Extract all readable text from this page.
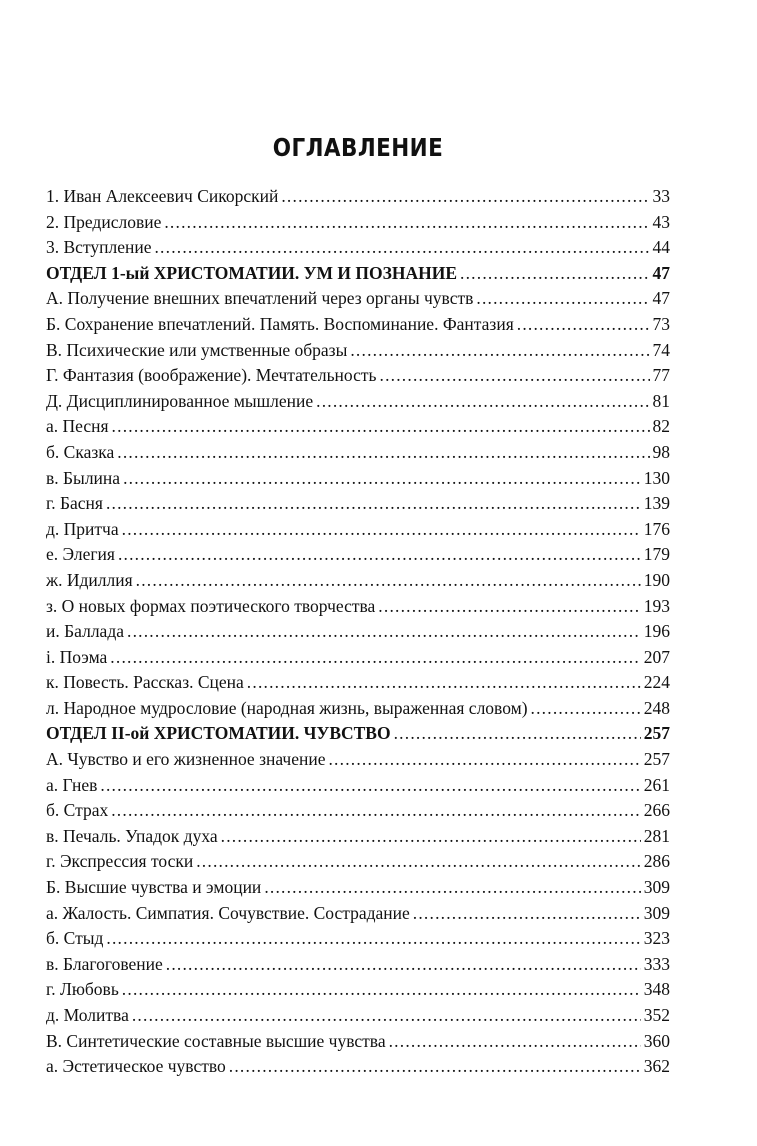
ОГЛАВЛЕНИЕ
1. Иван Алексеевич Сикорский .....	33
2. Предисловие .....	43
3. Вступление .....	44
ОТДЕЛ 1-ый ХРИСТОМАТИИ. УМ И ПОЗНАНИЕ .....	47
А. Получение внешних впечатлений через органы чувств .....	47
Б. Сохранение впечатлений. Память. Воспоминание. Фантазия .....	73
В. Психические или умственные образы .....	74
Г. Фантазия (воображение). Мечтательность .....	77
Д. Дисциплинированное мышление .....	81
а. Песня .....	82
б. Сказка .....	98
в. Былина .....	130
г. Басня .....	139
д. Притча .....	176
е. Элегия .....	179
ж. Идиллия .....	190
з. О новых формах поэтического творчества .....	193
и. Баллада .....	196
і. Поэма .....	207
к. Повесть. Рассказ. Сцена .....	224
л. Народное мудрословие (народная жизнь, выраженная словом) .....	248
ОТДЕЛ II-ой ХРИСТОМАТИИ. ЧУВСТВО .....	257
А. Чувство и его жизненное значение .....	257
а. Гнев .....	261
б. Страх .....	266
в. Печаль. Упадок духа .....	281
г. Экспрессия тоски .....	286
Б. Высшие чувства и эмоции .....	309
а. Жалость. Симпатия. Сочувствие. Сострадание .....	309
б. Стыд .....	323
в. Благоговение .....	333
г. Любовь .....	348
д. Молитва .....	352
В. Синтетические составные высшие чувства .....	360
а. Эстетическое чувство .....	362
